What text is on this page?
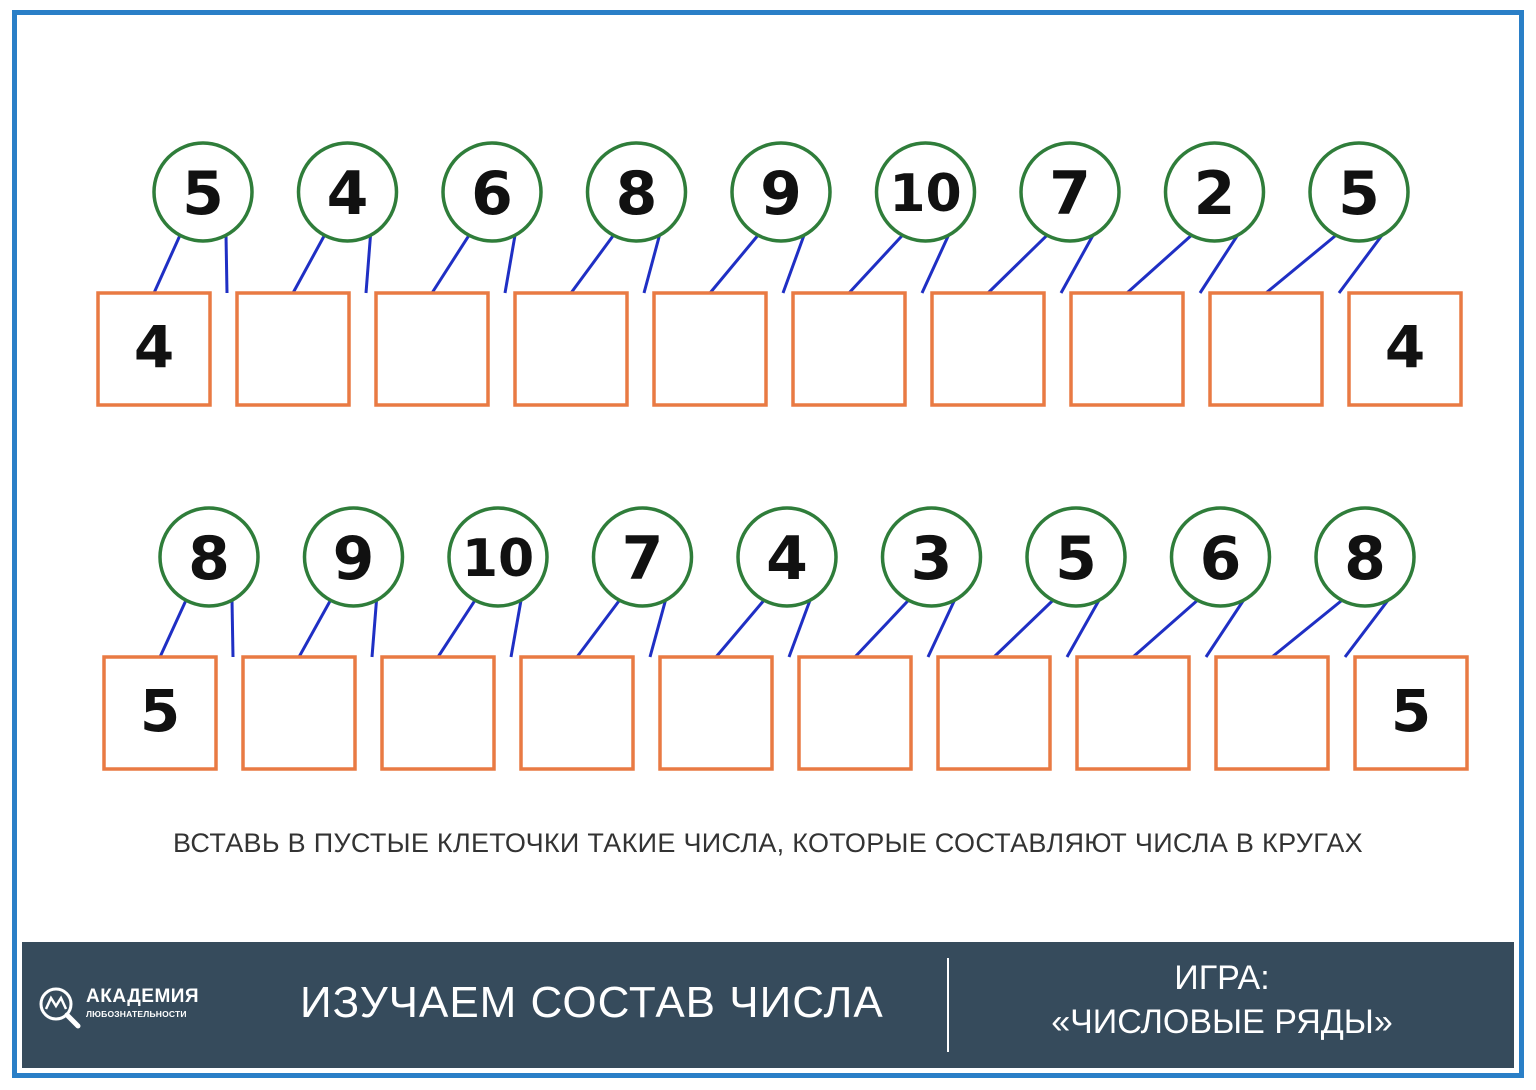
4	4
5 4 6 8 9 10 7 2 5
5	5
8 9 10 7 4 3 5 6 8
ВСТАВЬ В ПУСТЫЕ КЛЕТОЧКИ ТАКИЕ ЧИСЛА, КОТОРЫЕ СОСТАВЛЯЮТ ЧИСЛА В КРУГАХ
АКАДЕМИЯ
ЛЮБОЗНАТЕЛЬНОСТИ	ИЗУЧАЕМ СОСТАВ ЧИСЛА	ИГРА:
«ЧИСЛОВЫЕ РЯДЫ»
